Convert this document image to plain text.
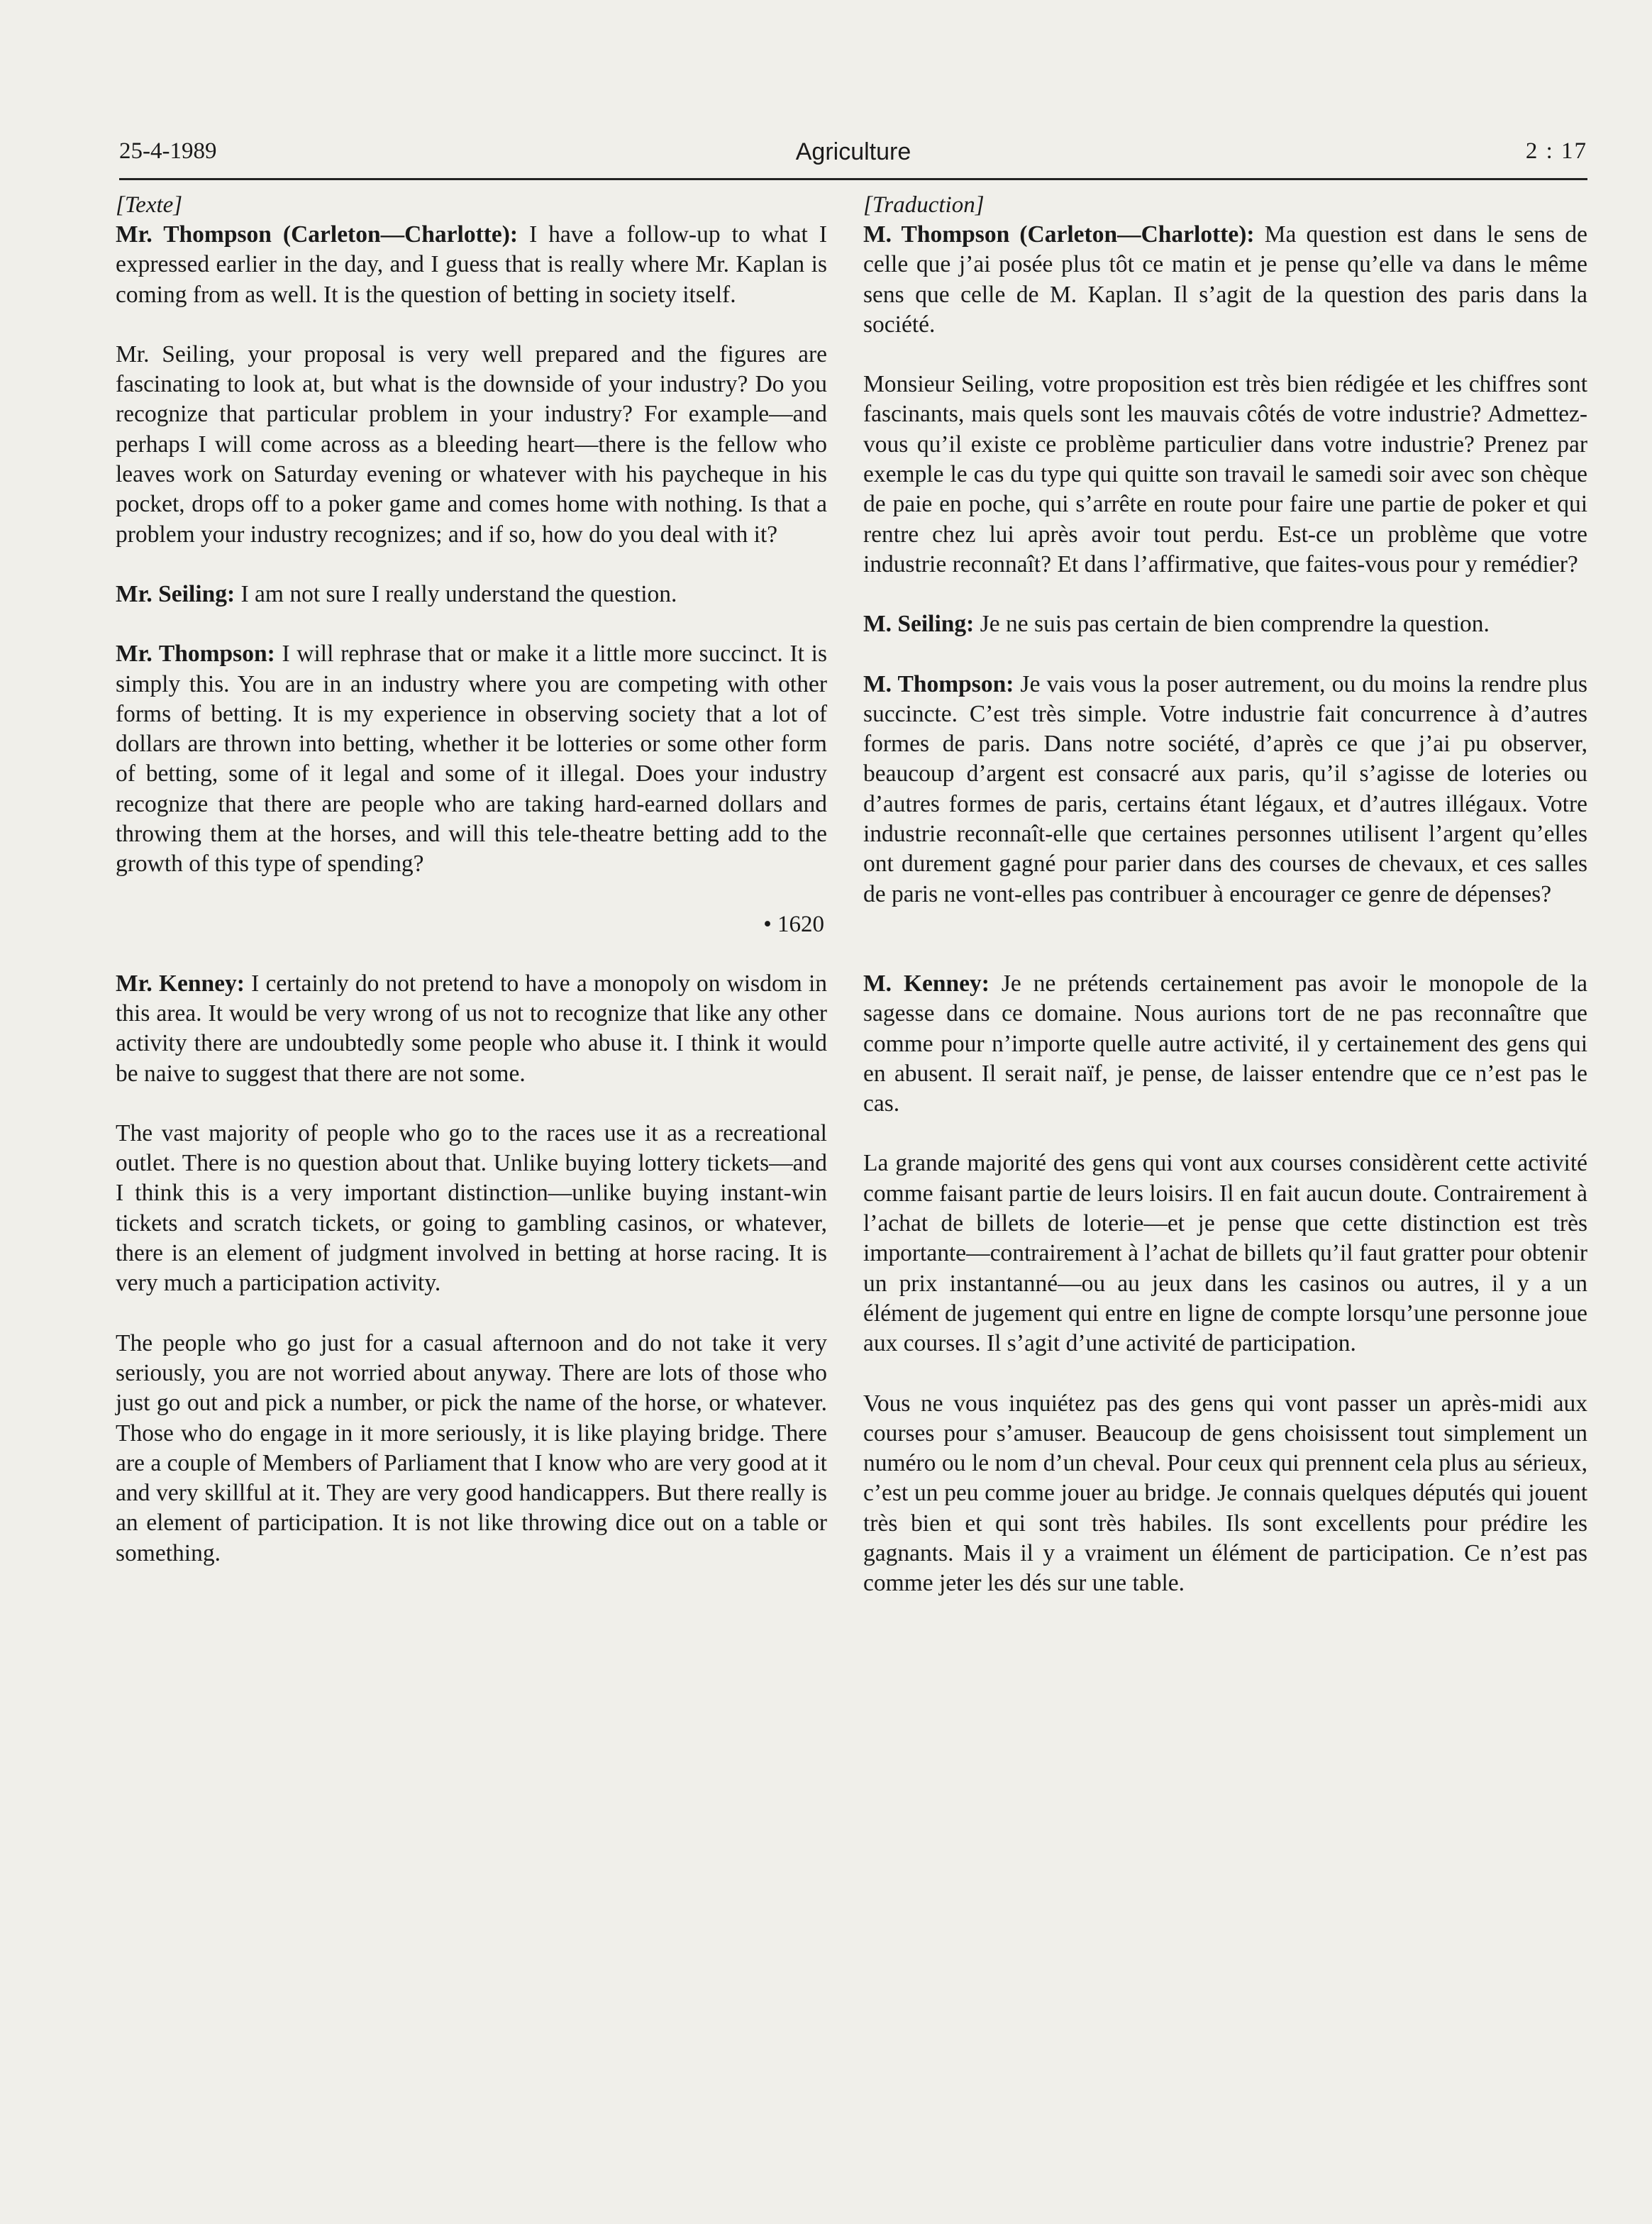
25-4-1989	Agriculture	2 : 17

[Texte]

Mr. Thompson (Carleton—Charlotte): I have a follow-up to what I expressed earlier in the day, and I guess that is really where Mr. Kaplan is coming from as well. It is the question of betting in society itself.

Mr. Seiling, your proposal is very well prepared and the figures are fascinating to look at, but what is the downside of your industry? Do you recognize that particular problem in your industry? For example—and perhaps I will come across as a bleeding heart—there is the fellow who leaves work on Saturday evening or whatever with his paycheque in his pocket, drops off to a poker game and comes home with nothing. Is that a problem your industry recognizes; and if so, how do you deal with it?

Mr. Seiling: I am not sure I really understand the question.

Mr. Thompson: I will rephrase that or make it a little more succinct. It is simply this. You are in an industry where you are competing with other forms of betting. It is my experience in observing society that a lot of dollars are thrown into betting, whether it be lotteries or some other form of betting, some of it legal and some of it illegal. Does your industry recognize that there are people who are taking hard-earned dollars and throwing them at the horses, and will this tele-theatre betting add to the growth of this type of spending?

• 1620

Mr. Kenney: I certainly do not pretend to have a monopoly on wisdom in this area. It would be very wrong of us not to recognize that like any other activity there are undoubtedly some people who abuse it. I think it would be naive to suggest that there are not some.

The vast majority of people who go to the races use it as a recreational outlet. There is no question about that. Unlike buying lottery tickets—and I think this is a very important distinction—unlike buying instant-win tickets and scratch tickets, or going to gambling casinos, or whatever, there is an element of judgment involved in betting at horse racing. It is very much a participation activity.

The people who go just for a casual afternoon and do not take it very seriously, you are not worried about anyway. There are lots of those who just go out and pick a number, or pick the name of the horse, or whatever. Those who do engage in it more seriously, it is like playing bridge. There are a couple of Members of Parliament that I know who are very good at it and very skillful at it. They are very good handicappers. But there really is an element of participation. It is not like throwing dice out on a table or something.

[Traduction]

M. Thompson (Carleton—Charlotte): Ma question est dans le sens de celle que j’ai posée plus tôt ce matin et je pense qu’elle va dans le même sens que celle de M. Kaplan. Il s’agit de la question des paris dans la société.

Monsieur Seiling, votre proposition est très bien rédigée et les chiffres sont fascinants, mais quels sont les mauvais côtés de votre industrie? Admettez-vous qu’il existe ce problème particulier dans votre industrie? Prenez par exemple le cas du type qui quitte son travail le samedi soir avec son chèque de paie en poche, qui s’arrête en route pour faire une partie de poker et qui rentre chez lui après avoir tout perdu. Est-ce un problème que votre industrie reconnaît? Et dans l’affirmative, que faites-vous pour y remédier?

M. Seiling: Je ne suis pas certain de bien comprendre la question.

M. Thompson: Je vais vous la poser autrement, ou du moins la rendre plus succincte. C’est très simple. Votre industrie fait concurrence à d’autres formes de paris. Dans notre société, d’après ce que j’ai pu observer, beaucoup d’argent est consacré aux paris, qu’il s’agisse de loteries ou d’autres formes de paris, certains étant légaux, et d’autres illégaux. Votre industrie reconnaît-elle que certaines personnes utilisent l’argent qu’elles ont durement gagné pour parier dans des courses de chevaux, et ces salles de paris ne vont-elles pas contribuer à encourager ce genre de dépenses?

M. Kenney: Je ne prétends certainement pas avoir le monopole de la sagesse dans ce domaine. Nous aurions tort de ne pas reconnaître que comme pour n’importe quelle autre activité, il y certainement des gens qui en abusent. Il serait naïf, je pense, de laisser entendre que ce n’est pas le cas.

La grande majorité des gens qui vont aux courses considèrent cette activité comme faisant partie de leurs loisirs. Il en fait aucun doute. Contrairement à l’achat de billets de loterie—et je pense que cette distinction est très importante—contrairement à l’achat de billets qu’il faut gratter pour obtenir un prix instantanné—ou au jeux dans les casinos ou autres, il y a un élément de jugement qui entre en ligne de compte lorsqu’une personne joue aux courses. Il s’agit d’une activité de participation.

Vous ne vous inquiétez pas des gens qui vont passer un après-midi aux courses pour s’amuser. Beaucoup de gens choisissent tout simplement un numéro ou le nom d’un cheval. Pour ceux qui prennent cela plus au sérieux, c’est un peu comme jouer au bridge. Je connais quelques députés qui jouent très bien et qui sont très habiles. Ils sont excellents pour prédire les gagnants. Mais il y a vraiment un élément de participation. Ce n’est pas comme jeter les dés sur une table.
